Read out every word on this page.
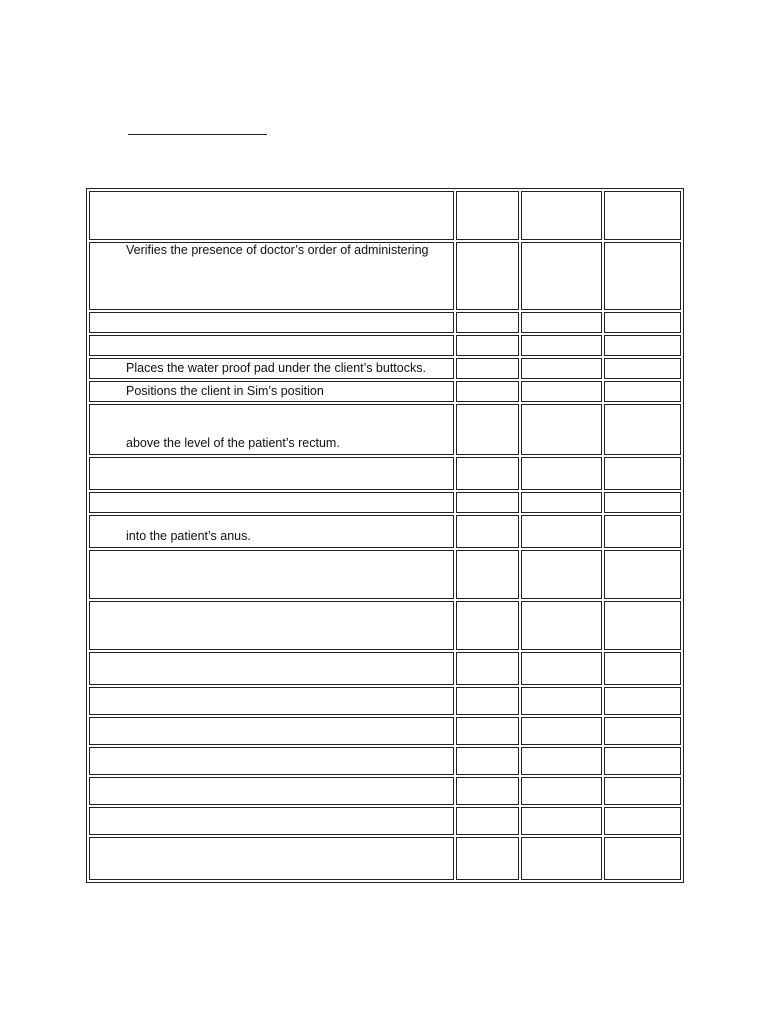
Verifies the presence of doctor’s order of administering			

Places the water proof pad under the client’s buttocks.			

Positions the client in Sim’s position			

above the level of the patient’s rectum.			

into the patient’s anus.			
